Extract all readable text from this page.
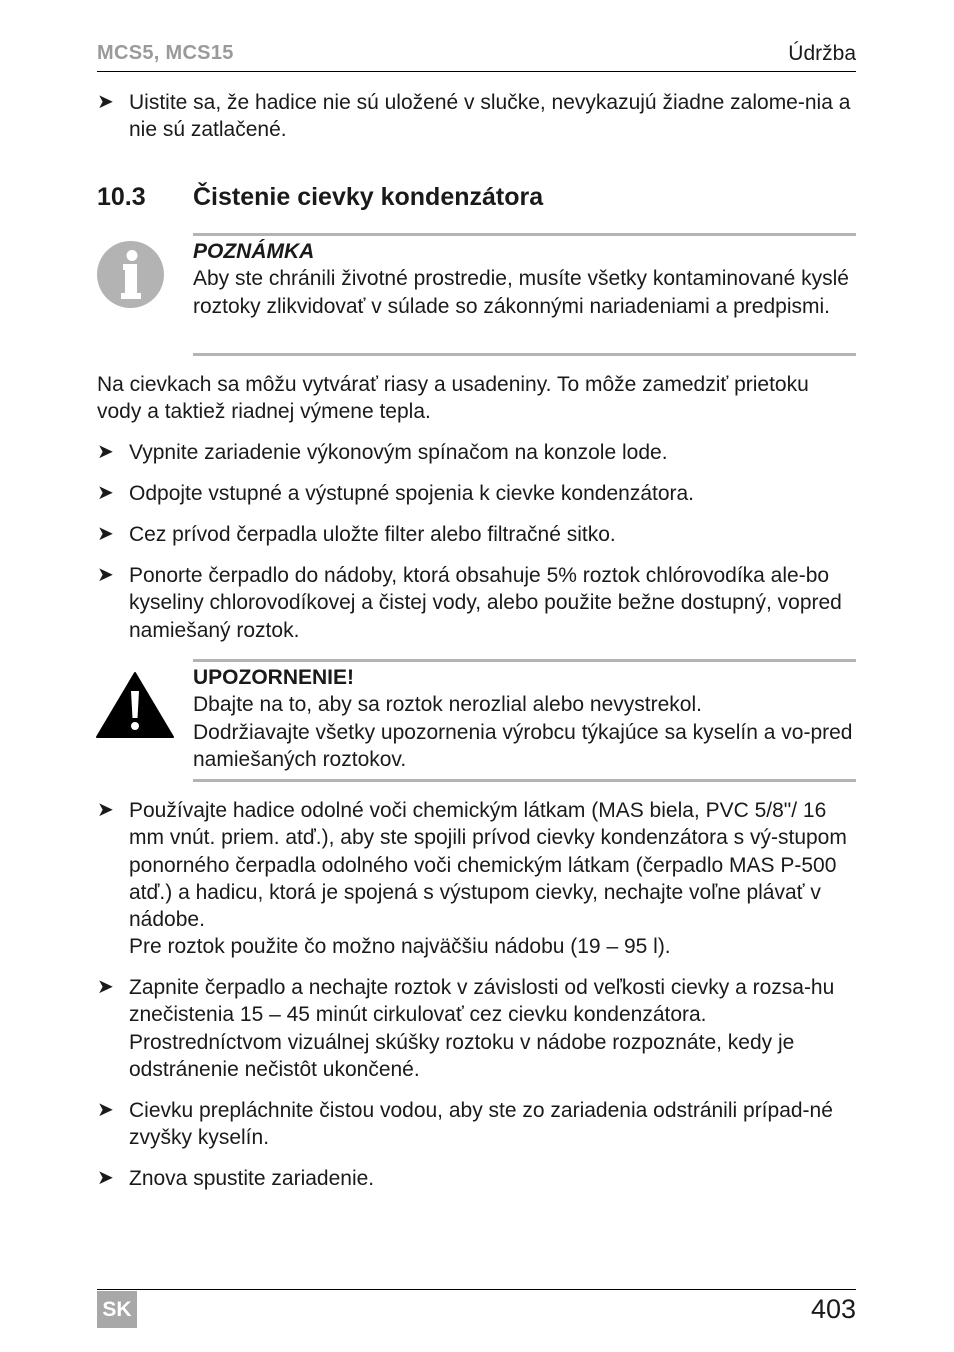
MCS5, MCS15	Údržba
➤ Uistite sa, že hadice nie sú uložené v slučke, nevykazujú žiadne zalome-nia a nie sú zatlačené.
10.3 Čistenie cievky kondenzátora
POZNÁMKA
Aby ste chránili životné prostredie, musíte všetky kontaminované kyslé roztoky zlikvidovať v súlade so zákonnými nariadeniami a predpismi.
Na cievkach sa môžu vytvárať riasy a usadeniny. To môže zamedziť prietoku vody a taktiež riadnej výmene tepla.
➤ Vypnite zariadenie výkonovým spínačom na konzole lode.
➤ Odpojte vstupné a výstupné spojenia k cievke kondenzátora.
➤ Cez prívod čerpadla uložte filter alebo filtračné sitko.
➤ Ponorte čerpadlo do nádoby, ktorá obsahuje 5% roztok chlórovodíka ale-bo kyseliny chlorovodíkovej a čistej vody, alebo použite bežne dostupný, vopred namiešaný roztok.
UPOZORNENIE!
Dbajte na to, aby sa roztok nerozlial alebo nevystrekol.
Dodržiavajte všetky upozornenia výrobcu týkajúce sa kyselín a vo-pred namiešaných roztokov.
➤ Používajte hadice odolné voči chemickým látkam (MAS biela, PVC 5/8"/ 16 mm vnút. priem. atď.), aby ste spojili prívod cievky kondenzátora s vý-stupom ponorného čerpadla odolného voči chemickým látkam (čerpadlo MAS P-500 atď.) a hadicu, ktorá je spojená s výstupom cievky, nechajte voľne plávať v nádobe.
Pre roztok použite čo možno najväčšiu nádobu (19 – 95 l).
➤ Zapnite čerpadlo a nechajte roztok v závislosti od veľkosti cievky a rozsa-hu znečistenia 15 – 45 minút cirkulovať cez cievku kondenzátora.
Prostredníctvom vizuálnej skúšky roztoku v nádobe rozpoznáte, kedy je odstránenie nečistôt ukončené.
➤ Cievku prepláchnite čistou vodou, aby ste zo zariadenia odstránili prípad-né zvyšky kyselín.
➤ Znova spustite zariadenie.
SK	403
